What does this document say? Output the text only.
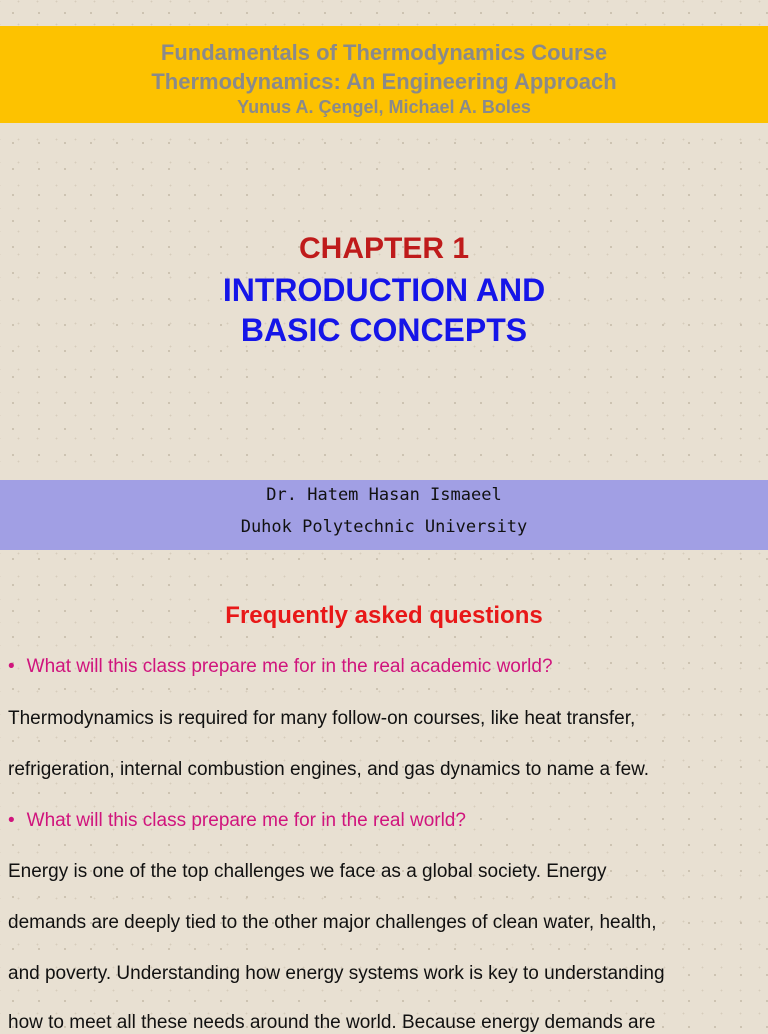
Fundamentals of Thermodynamics Course
Thermodynamics: An Engineering Approach
Yunus A. Çengel, Michael A. Boles
CHAPTER 1
INTRODUCTION AND
BASIC CONCEPTS
Dr. Hatem Hasan Ismaeel
Duhok Polytechnic University
Frequently asked questions
• What will this class prepare me for in the real academic world?
Thermodynamics is required for many follow-on courses, like heat transfer,
refrigeration, internal combustion engines, and gas dynamics to name a few.
• What will this class prepare me for in the real world?
Energy is one of the top challenges we face as a global society. Energy
demands are deeply tied to the other major challenges of clean water, health,
and poverty. Understanding how energy systems work is key to understanding
how to meet all these needs around the world. Because energy demands are
